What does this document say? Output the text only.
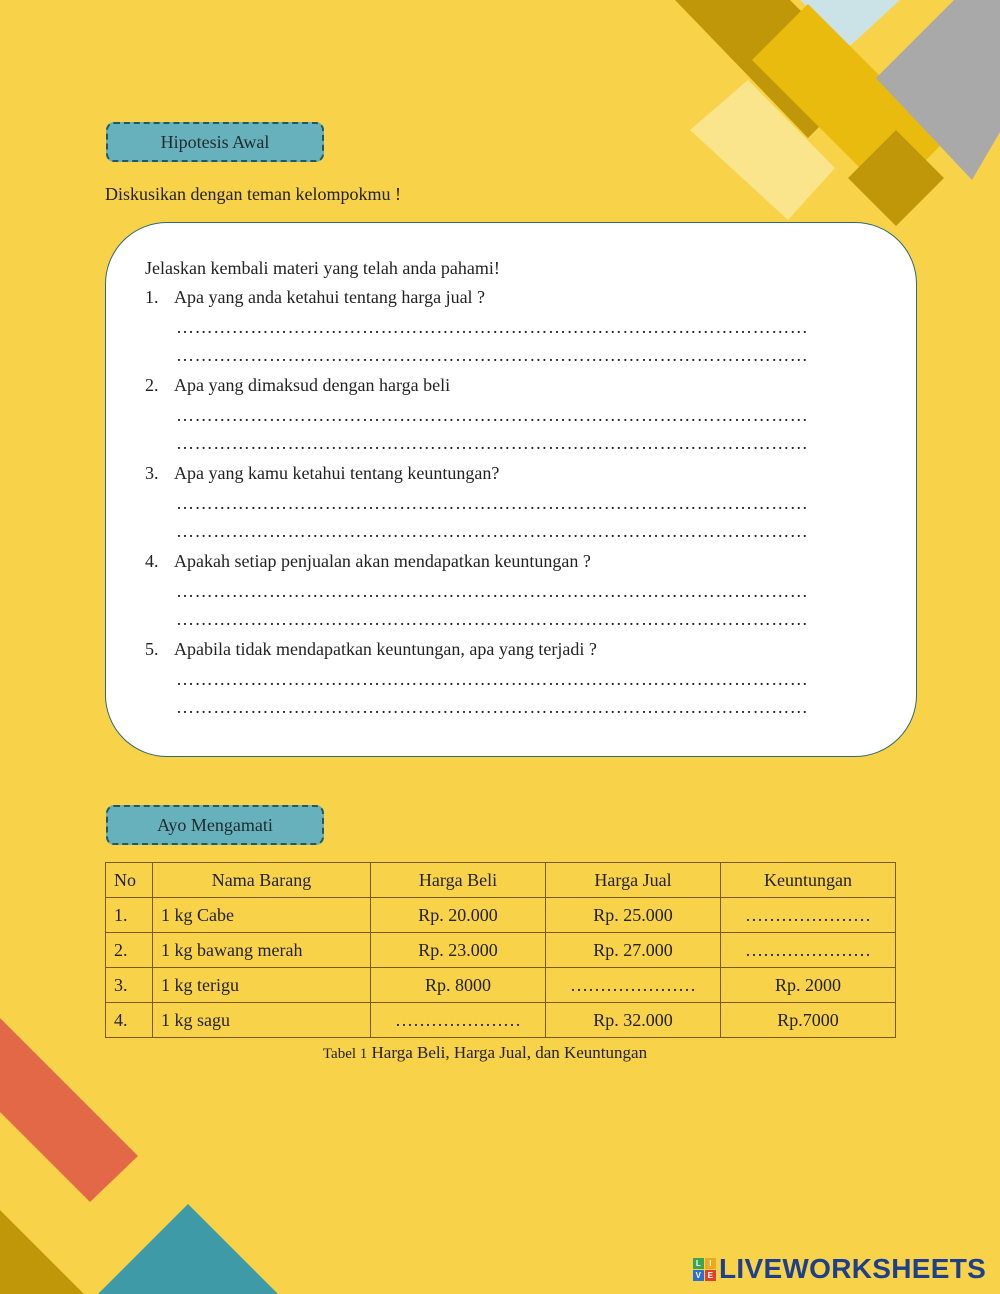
Hipotesis Awal
Diskusikan dengan teman kelompokmu !
Jelaskan kembali materi yang telah anda pahami!
1. Apa yang anda ketahui tentang harga jual ?
…………………………………………………………………………………………
…………………………………………………………………………………………
2. Apa yang dimaksud dengan harga beli
…………………………………………………………………………………………
…………………………………………………………………………………………
3. Apa yang kamu ketahui tentang keuntungan?
…………………………………………………………………………………………
…………………………………………………………………………………………
4. Apakah setiap penjualan akan mendapatkan keuntungan ?
…………………………………………………………………………………………
…………………………………………………………………………………………
5. Apabila tidak mendapatkan keuntungan, apa yang terjadi ?
…………………………………………………………………………………………
…………………………………………………………………………………………
Ayo Mengamati
No	Nama Barang	Harga Beli	Harga Jual	Keuntungan
1.	1 kg Cabe	Rp. 20.000	Rp. 25.000	…………………
2.	1 kg bawang merah	Rp. 23.000	Rp. 27.000	…………………
3.	1 kg terigu	Rp. 8000	…………………	Rp. 2000
4.	1 kg sagu	…………………	Rp. 32.000	Rp.7000
Tabel 1 Harga Beli, Harga Jual, dan Keuntungan
L	I
V E LIVEWORKSHEETS
